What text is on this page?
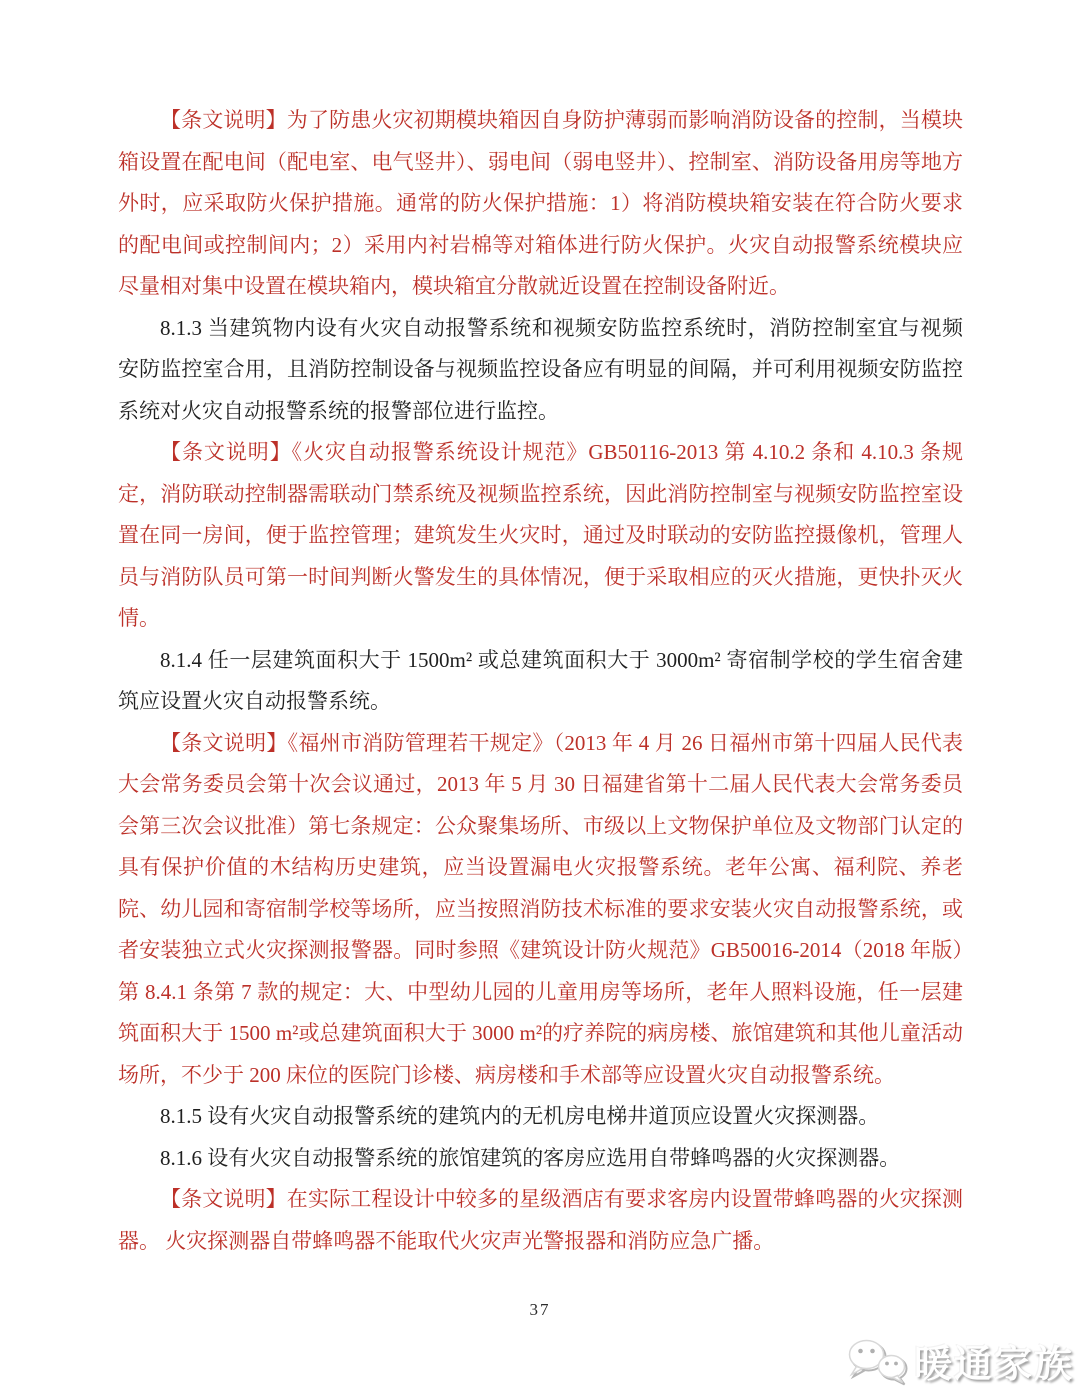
【条文说明】为了防患火灾初期模块箱因自身防护薄弱而影响消防设备的控制，当模块箱设置在配电间（配电室、电气竖井）、弱电间（弱电竖井）、控制室、消防设备用房等地方外时，应采取防火保护措施。通常的防火保护措施：1）将消防模块箱安装在符合防火要求的配电间或控制间内；2）采用内衬岩棉等对箱体进行防火保护。火灾自动报警系统模块应尽量相对集中设置在模块箱内，模块箱宜分散就近设置在控制设备附近。

8.1.3 当建筑物内设有火灾自动报警系统和视频安防监控系统时，消防控制室宜与视频安防监控室合用，且消防控制设备与视频监控设备应有明显的间隔，并可利用视频安防监控系统对火灾自动报警系统的报警部位进行监控。

【条文说明】《火灾自动报警系统设计规范》GB50116-2013 第 4.10.2 条和 4.10.3 条规定，消防联动控制器需联动门禁系统及视频监控系统，因此消防控制室与视频安防监控室设置在同一房间，便于监控管理；建筑发生火灾时，通过及时联动的安防监控摄像机，管理人员与消防队员可第一时间判断火警发生的具体情况，便于采取相应的灭火措施，更快扑灭火情。

8.1.4 任一层建筑面积大于 1500m² 或总建筑面积大于 3000m² 寄宿制学校的学生宿舍建筑应设置火灾自动报警系统。

【条文说明】《福州市消防管理若干规定》（2013 年 4 月 26 日福州市第十四届人民代表大会常务委员会第十次会议通过，2013 年 5 月 30 日福建省第十二届人民代表大会常务委员会第三次会议批准）第七条规定：公众聚集场所、市级以上文物保护单位及文物部门认定的具有保护价值的木结构历史建筑，应当设置漏电火灾报警系统。老年公寓、福利院、养老院、幼儿园和寄宿制学校等场所，应当按照消防技术标准的要求安装火灾自动报警系统，或者安装独立式火灾探测报警器。同时参照《建筑设计防火规范》GB50016-2014（2018 年版）第 8.4.1 条第 7 款的规定：大、中型幼儿园的儿童用房等场所，老年人照料设施，任一层建筑面积大于 1500 m²或总建筑面积大于 3000 m²的疗养院的病房楼、旅馆建筑和其他儿童活动场所，不少于 200 床位的医院门诊楼、病房楼和手术部等应设置火灾自动报警系统。

8.1.5 设有火灾自动报警系统的建筑内的无机房电梯井道顶应设置火灾探测器。

8.1.6 设有火灾自动报警系统的旅馆建筑的客房应选用自带蜂鸣器的火灾探测器。

【条文说明】在实际工程设计中较多的星级酒店有要求客房内设置带蜂鸣器的火灾探测器。 火灾探测器自带蜂鸣器不能取代火灾声光警报器和消防应急广播。

37
暖通家族
